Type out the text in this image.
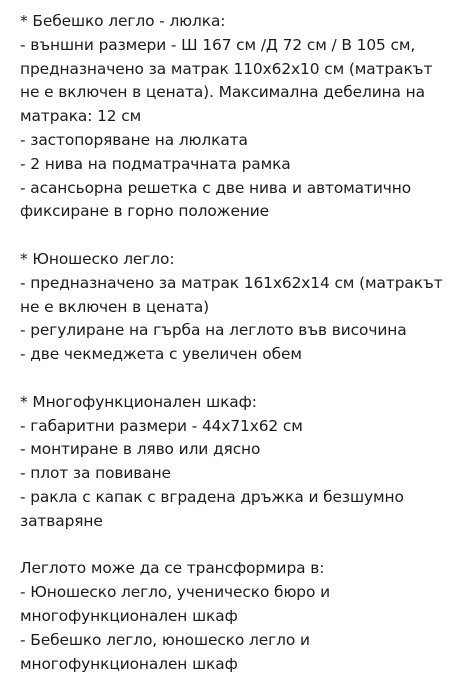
* Бебешко легло - люлка:
- външни размери - Ш 167 см /Д 72 см / В 105 см, предназначено за матрак 110х62х10 см (матракът не е включен в цената). Максимална дебелина на матрака: 12 см
- застопоряване на люлката
- 2 нива на подматрачната рамка
- асансьорна решетка с две нива и автоматично фиксиране в горно положение
* Юношеско легло:
- предназначено за матрак 161х62х14 см (матракът не е включен в цената)
- регулиране на гърба на леглото във височина
- две чекмеджета с увеличен обем
* Многофункционален шкаф:
- габаритни размери - 44х71х62 см
- монтиране в ляво или дясно
- плот за повиване
- ракла с капак с вградена дръжка и безшумно затваряне
Леглото може да се трансформира в:
- Юношеско легло, ученическо бюро и многофункционален шкаф
- Бебешко легло, юношеско легло и многофункционален шкаф
